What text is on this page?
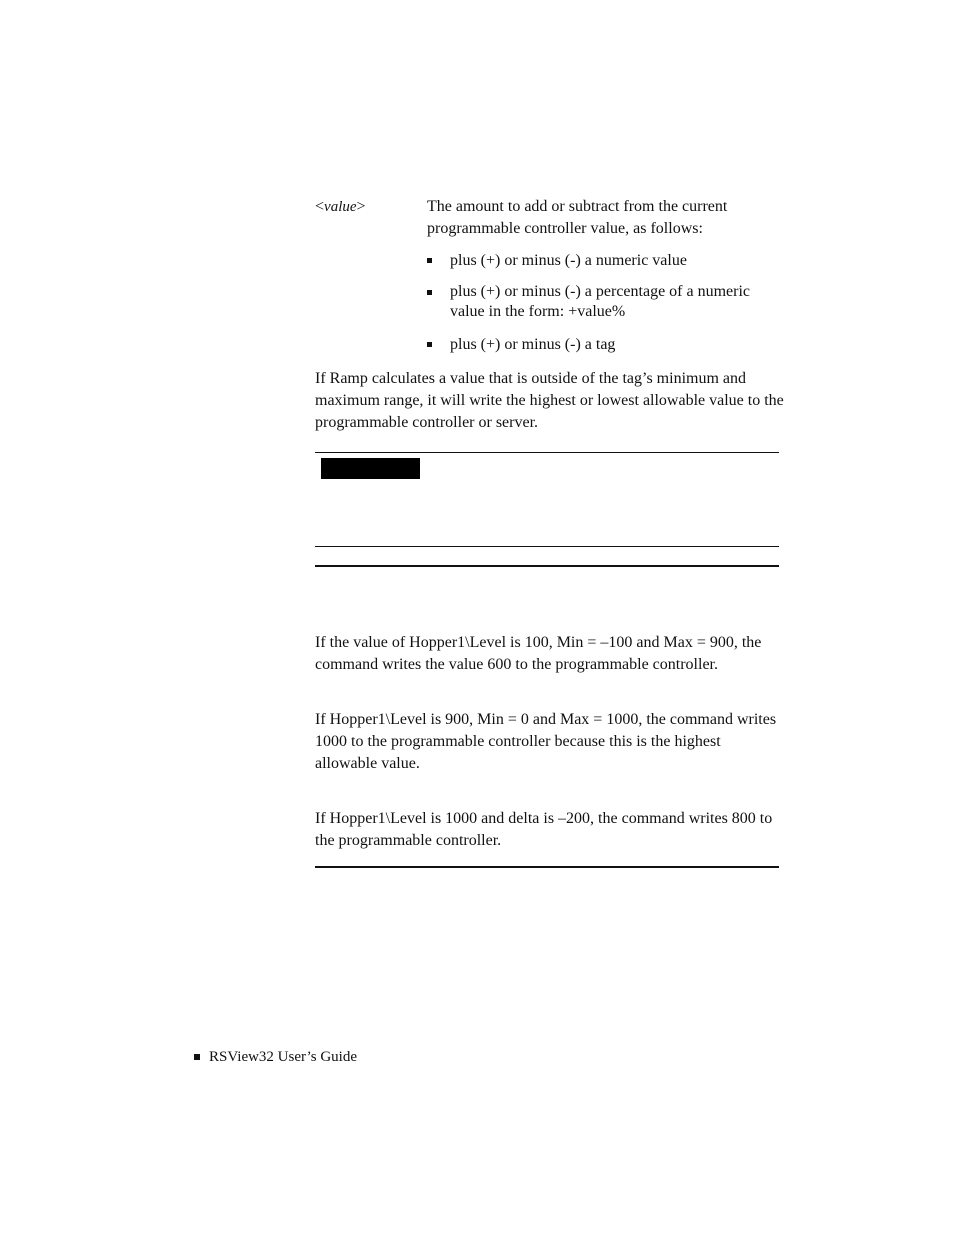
<value>	The amount to add or subtract from the current programmable controller value, as follows:
plus (+) or minus (-) a numeric value
plus (+) or minus (-) a percentage of a numeric value in the form: +value%
plus (+) or minus (-) a tag
If Ramp calculates a value that is outside of the tag’s minimum and maximum range, it will write the highest or lowest allowable value to the programmable controller or server.
If the value of Hopper1\Level is 100, Min = –100 and Max = 900, the command writes the value 600 to the programmable controller.
If Hopper1\Level is 900, Min = 0 and Max = 1000, the command writes 1000 to the programmable controller because this is the highest allowable value.
If Hopper1\Level is 1000 and delta is –200, the command writes 800 to the programmable controller.
RSView32 User’s Guide
